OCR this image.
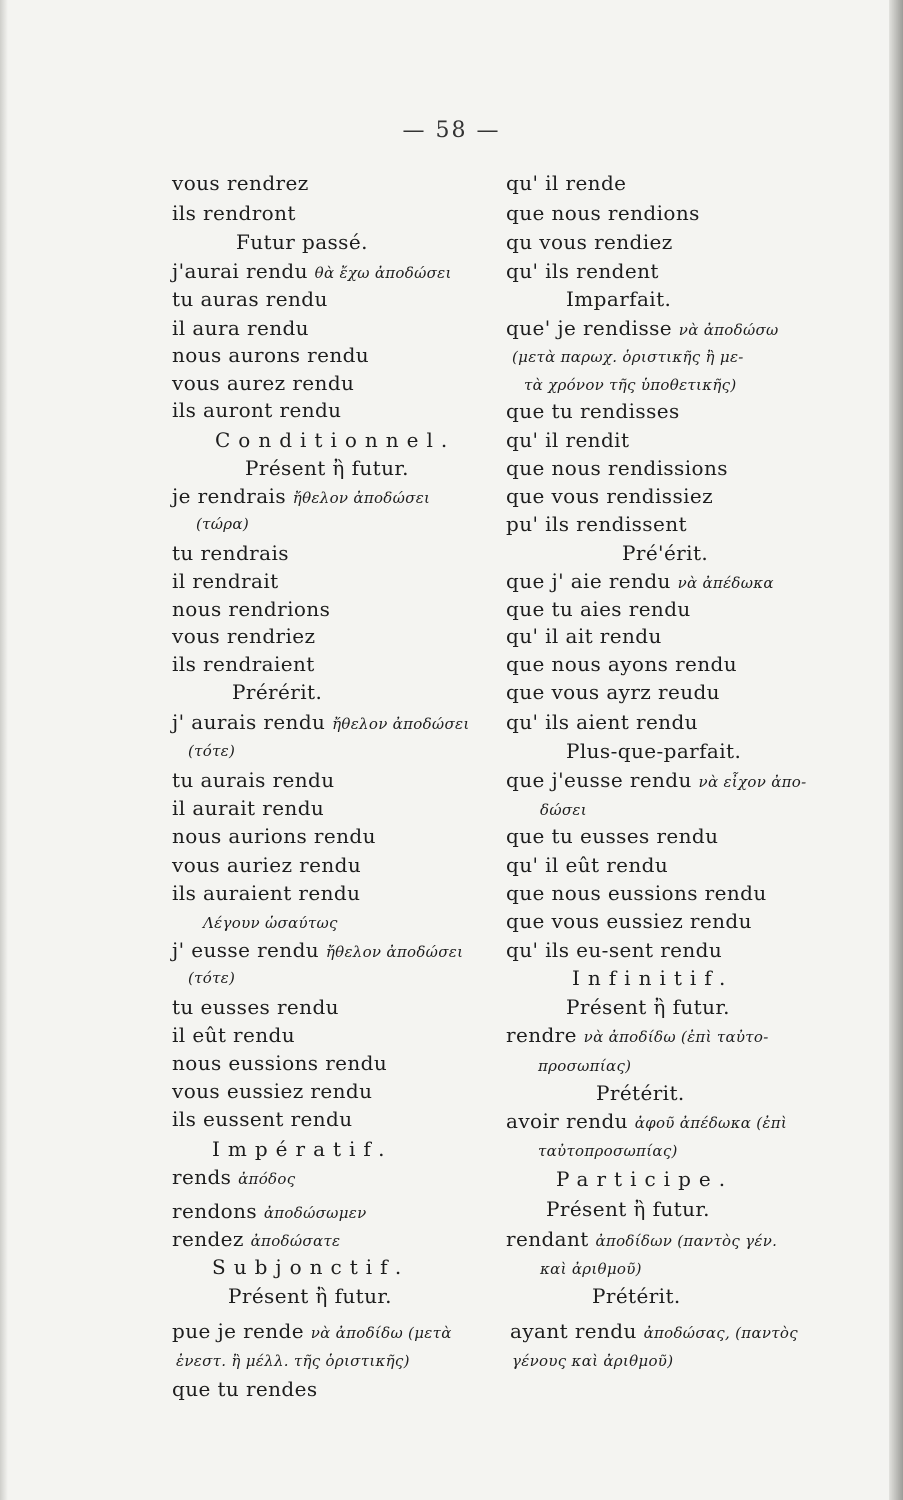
— 58 —
vous rendrez
ils rendront
Futur passé.
j'aurai rendu θὰ ἔχω ἀποδώσει
tu auras rendu
il aura rendu
nous aurons rendu
vous aurez rendu
ils auront rendu
Conditionnel.
Présent ἢ futur.
je rendrais ἤθελον ἀποδώσει
(τώρα)
tu rendrais
il rendrait
nous rendrions
vous rendriez
ils rendraient
Prérérit.
j' aurais rendu ἤθελον ἀποδώσει
(τότε)
tu aurais rendu
il aurait rendu
nous aurions rendu
vous auriez rendu
ils auraient rendu
Λέγουν ὡσαύτως
j' eusse rendu ἤθελον ἀποδώσει
(τότε)
tu eusses rendu
il eût rendu
nous eussions rendu
vous eussiez rendu
ils eussent rendu
Impératif.
rends ἀπόδος
rendons ἀποδώσωμεν
rendez ἀποδώσατε
Subjonctif.
Présent ἢ futur.
pue je rende νὰ ἀποδίδω (μετὰ
ἐνεστ. ἢ μέλλ. τῆς ὁριστικῆς)
que tu rendes
qu' il rende
que nous rendions
qu vous rendiez
qu' ils rendent
Imparfait.
que' je rendisse νὰ ἀποδώσω
(μετὰ παρωχ. ὁριστικῆς ἢ με-
τὰ χρόνον τῆς ὑποθετικῆς)
que tu rendisses
qu' il rendit
que nous rendissions
que vous rendissiez
pu' ils rendissent
Pré'érit.
que j' aie rendu νὰ ἀπέδωκα
que tu aies rendu
qu' il ait rendu
que nous ayons rendu
que vous ayrz reudu
qu' ils aient rendu
Plus-que-parfait.
que j'eusse rendu νὰ εἶχον ἀπο-
δώσει
que tu eusses rendu
qu' il eût rendu
que nous eussions rendu
que vous eussiez rendu
qu' ils eu-sent rendu
Infinitif.
Présent ἢ futur.
rendre νὰ ἀποδίδω (ἐπὶ ταὐτο-
προσωπίας)
Prétérit.
avoir rendu ἀφοῦ ἀπέδωκα (ἐπὶ
ταὐτοπροσωπίας)
Participe.
Présent ἢ futur.
rendant ἀποδίδων (παντὸς γέν.
καὶ ἀριθμοῦ)
Prétérit.
ayant rendu ἀποδώσας, (παντὸς
γένους καὶ ἀριθμοῦ)
